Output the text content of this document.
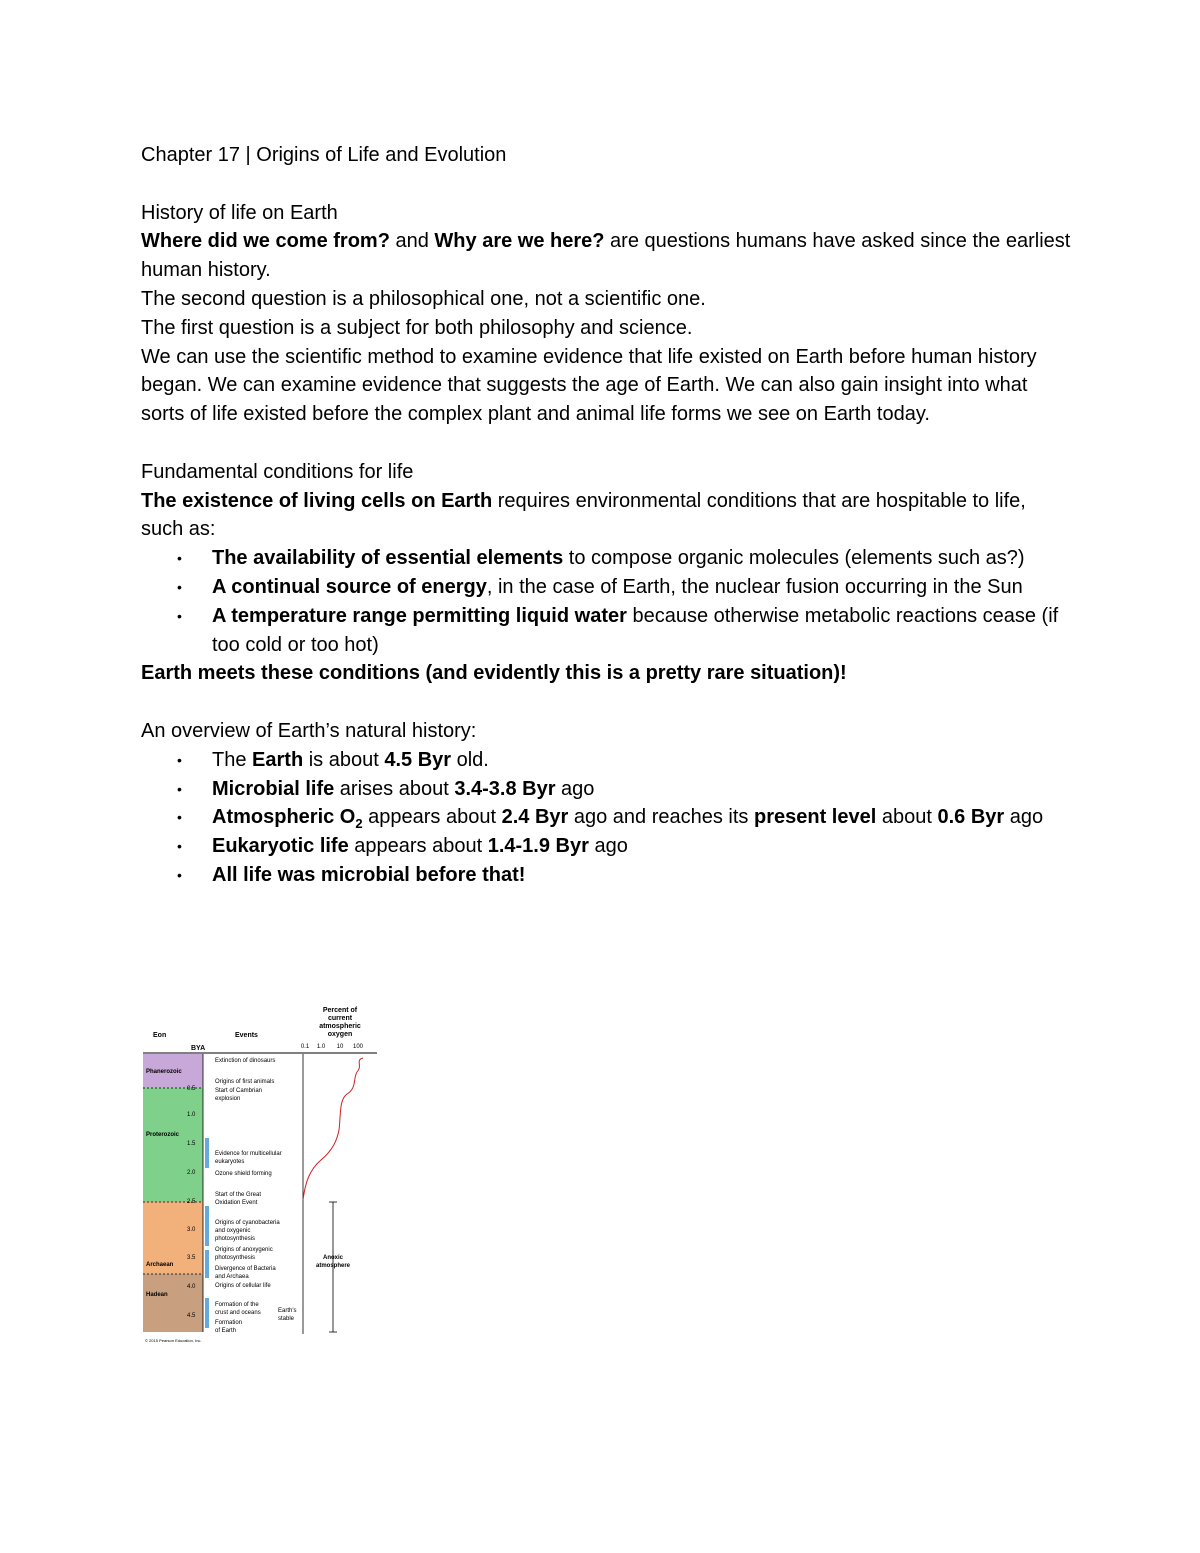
Chapter 17 | Origins of Life and Evolution

History of life on Earth

Where did we come from? and Why are we here? are questions humans have asked since the earliest human history.

The second question is a philosophical one, not a scientific one.

The first question is a subject for both philosophy and science.

We can use the scientific method to examine evidence that life existed on Earth before human history began. We can examine evidence that suggests the age of Earth. We can also gain insight into what sorts of life existed before the complex plant and animal life forms we see on Earth today.

Fundamental conditions for life

The existence of living cells on Earth requires environmental conditions that are hospitable to life, such as:

• The availability of essential elements to compose organic molecules (elements such as?)
• A continual source of energy, in the case of Earth, the nuclear fusion occurring in the Sun
• A temperature range permitting liquid water because otherwise metabolic reactions cease (if too cold or too hot)

Earth meets these conditions (and evidently this is a pretty rare situation)!

An overview of Earth’s natural history:

• The Earth is about 4.5 Byr old.
• Microbial life arises about 3.4-3.8 Byr ago
• Atmospheric $O_2$ appears about 2.4 Byr ago and reaches its present level about 0.6 Byr ago
• Eukaryotic life appears about 1.4-1.9 Byr ago
• All life was microbial before that!
Percent of
current
atmospheric
oxygen
Eon	Events
BYA	0.1 1.0 10 100
Phanerozoic
Proterozoic
Archaean
Hadean
0.5
1.0
1.5
2.0
2.5
3.0
3.5
4.0
4.5
Extinction of dinosaurs
Origins of first animals
Start of Cambrian
explosion
Evidence for multicellular
eukaryotes
Ozone shield forming
Start of the Great
Oxidation Event
Origins of cyanobacteria
and oxygenic
photosynthesis
Origins of anoxygenic
photosynthesis
Divergence of Bacteria
and Archaea
Origins of cellular life
Formation of the
crust and oceans
Formation
of Earth
Earth's
stable
Anoxic
atmosphere
© 2015 Pearson Education, Inc.
